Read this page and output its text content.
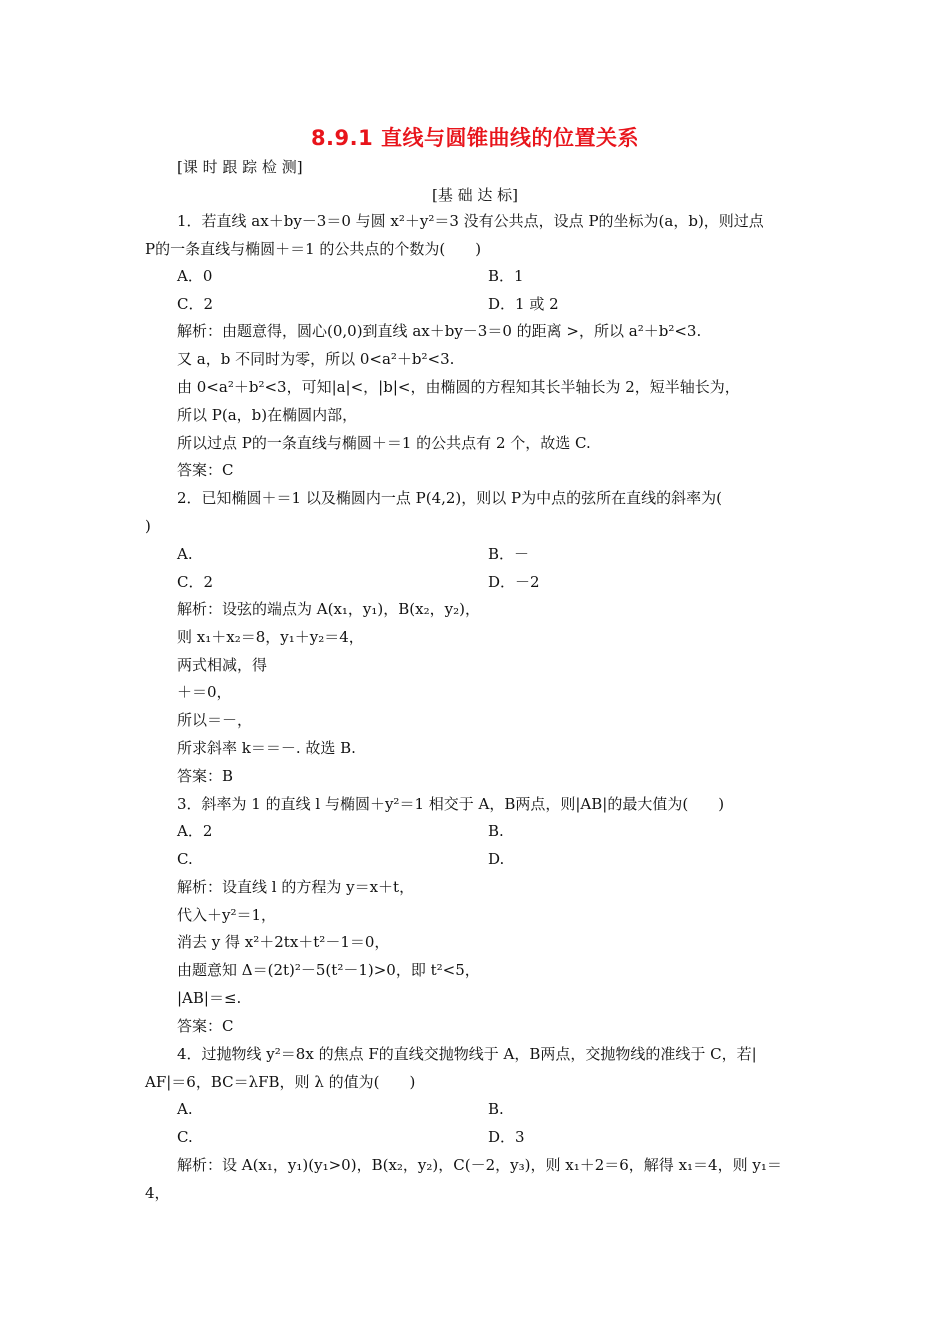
8.9.1 直线与圆锥曲线的位置关系
[课 时 跟 踪 检 测]
[基 础 达 标]
1．若直线 ax＋by－3＝0 与圆 x²＋y²＝3 没有公共点，设点 P的坐标为(a，b)，则过点
P的一条直线与椭圆＋＝1 的公共点的个数为(　　)
A．0	B．1
C．2	D．1 或 2
解析：由题意得，圆心(0,0)到直线 ax＋by－3＝0 的距离 >，所以 a²＋b²<3.
又 a，b 不同时为零，所以 0<a²＋b²<3.
由 0<a²＋b²<3，可知|a|<，|b|<，由椭圆的方程知其长半轴长为 2，短半轴长为，
所以 P(a，b)在椭圆内部，
所以过点 P的一条直线与椭圆＋＝1 的公共点有 2 个，故选 C.
答案：C
2．已知椭圆＋＝1 以及椭圆内一点 P(4,2)，则以 P为中点的弦所在直线的斜率为(
)
A.	B．－
C．2	D．－2
解析：设弦的端点为 A(x₁，y₁)，B(x₂，y₂)，
则 x₁＋x₂＝8，y₁＋y₂＝4，
两式相减，得
＋＝0，
所以＝－，
所求斜率 k＝＝－. 故选 B.
答案：B
3．斜率为 1 的直线 l 与椭圆＋y²＝1 相交于 A，B两点，则|AB|的最大值为(　　)
A．2	B.
C.	D.
解析：设直线 l 的方程为 y＝x＋t，
代入＋y²＝1，
消去 y 得 x²＋2tx＋t²－1＝0，
由题意知 Δ＝(2t)²－5(t²－1)>0，即 t²<5，
|AB|＝≤.
答案：C
4．过抛物线 y²＝8x 的焦点 F的直线交抛物线于 A，B两点，交抛物线的准线于 C，若|
AF|＝6，BC＝λFB，则 λ 的值为(　　)
A.	B.
C.	D．3
解析：设 A(x₁，y₁)(y₁>0)，B(x₂，y₂)，C(－2，y₃)，则 x₁＋2＝6，解得 x₁＝4，则 y₁＝
4，
